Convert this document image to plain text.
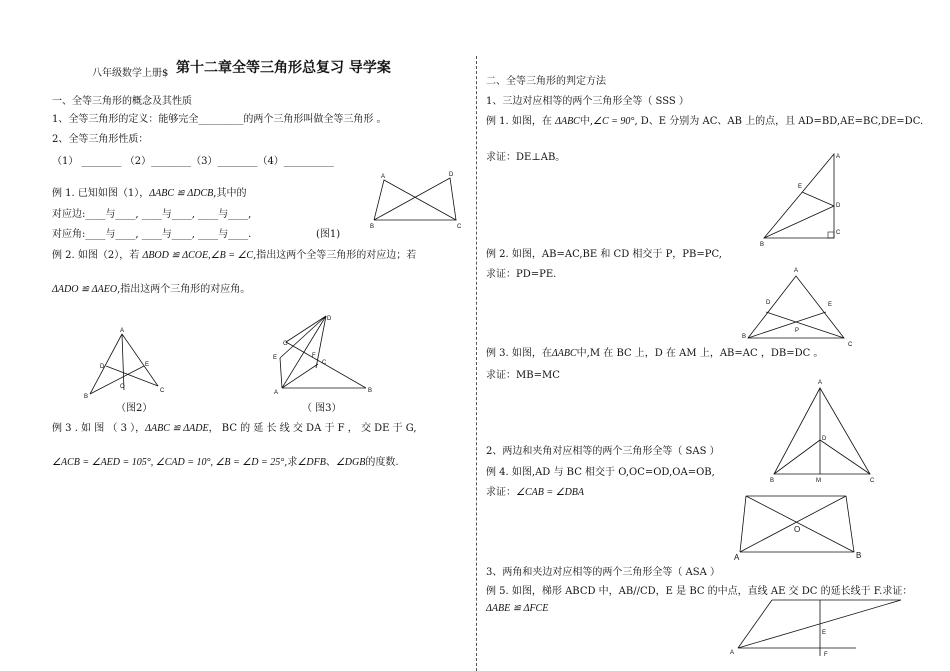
八年级数学上册$ 第十二章全等三角形总复习 导学案
一、全等三角形的概念及其性质
1、全等三角形的定义：能够完全_________的两个三角形叫做全等三角形 。
2、全等三角形性质：
（1） ________ （2）________（3）________（4）__________
例 1. 已知如图（1），ΔABC ≌ ΔDCB,其中的
对应边:____与____, ____与____, ____与____,
对应角:____与____, ____与____, ____与____.	(图1)
A	D
B	C
例 2. 如图（2），若 ΔBOD ≌ ΔCOE,∠B = ∠C,指出这两个全等三角形的对应边；若
ΔADO ≌ ΔAEO,指出这两个三角形的对应角。
A
D	E
O
B
C
（图2）
D
G
E	F
C
A	B
（ 图3）
例 3 . 如 图 （ 3 ），ΔABC ≌ ΔADE， BC 的 延 长 线 交 DA 于 F ， 交 DE 于 G,
∠ACB = ∠AED = 105°, ∠CAD = 10°, ∠B = ∠D = 25°,求∠DFB、∠DGB的度数.
二、全等三角形的判定方法
1、三边对应相等的两个三角形全等（ SSS ）
例 1. 如图，在 ΔABC中,∠C = 90°, D、E 分别为 AC、AB 上的点，且 AD=BD,AE=BC,DE=DC.
求证：DE⊥AB。	A
E
D
B
C
例 2. 如图，AB=AC,BE 和 CD 相交于 P，PB=PC,
求证：PD=PE.	A
D	E
P
B
C
例 3. 如图，在ΔABC中,M 在 BC 上，D 在 AM 上，AB=AC ，DB=DC 。
求证：MB=MC
A
D
B	M	C
2、两边和夹角对应相等的两个三角形全等（ SAS ）
例 4. 如图,AD 与 BC 相交于 O,OC=OD,OA=OB,
求证：∠CAB = ∠DBA
O
A	B
3、两角和夹边对应相等的两个三角形全等（ ASA ）
例 5. 如图，梯形 ABCD 中，AB//CD，E 是 BC 的中点，直线 AE 交 DC 的延长线于 F.求证：
ΔABE ≌ ΔFCE
E
F
A
